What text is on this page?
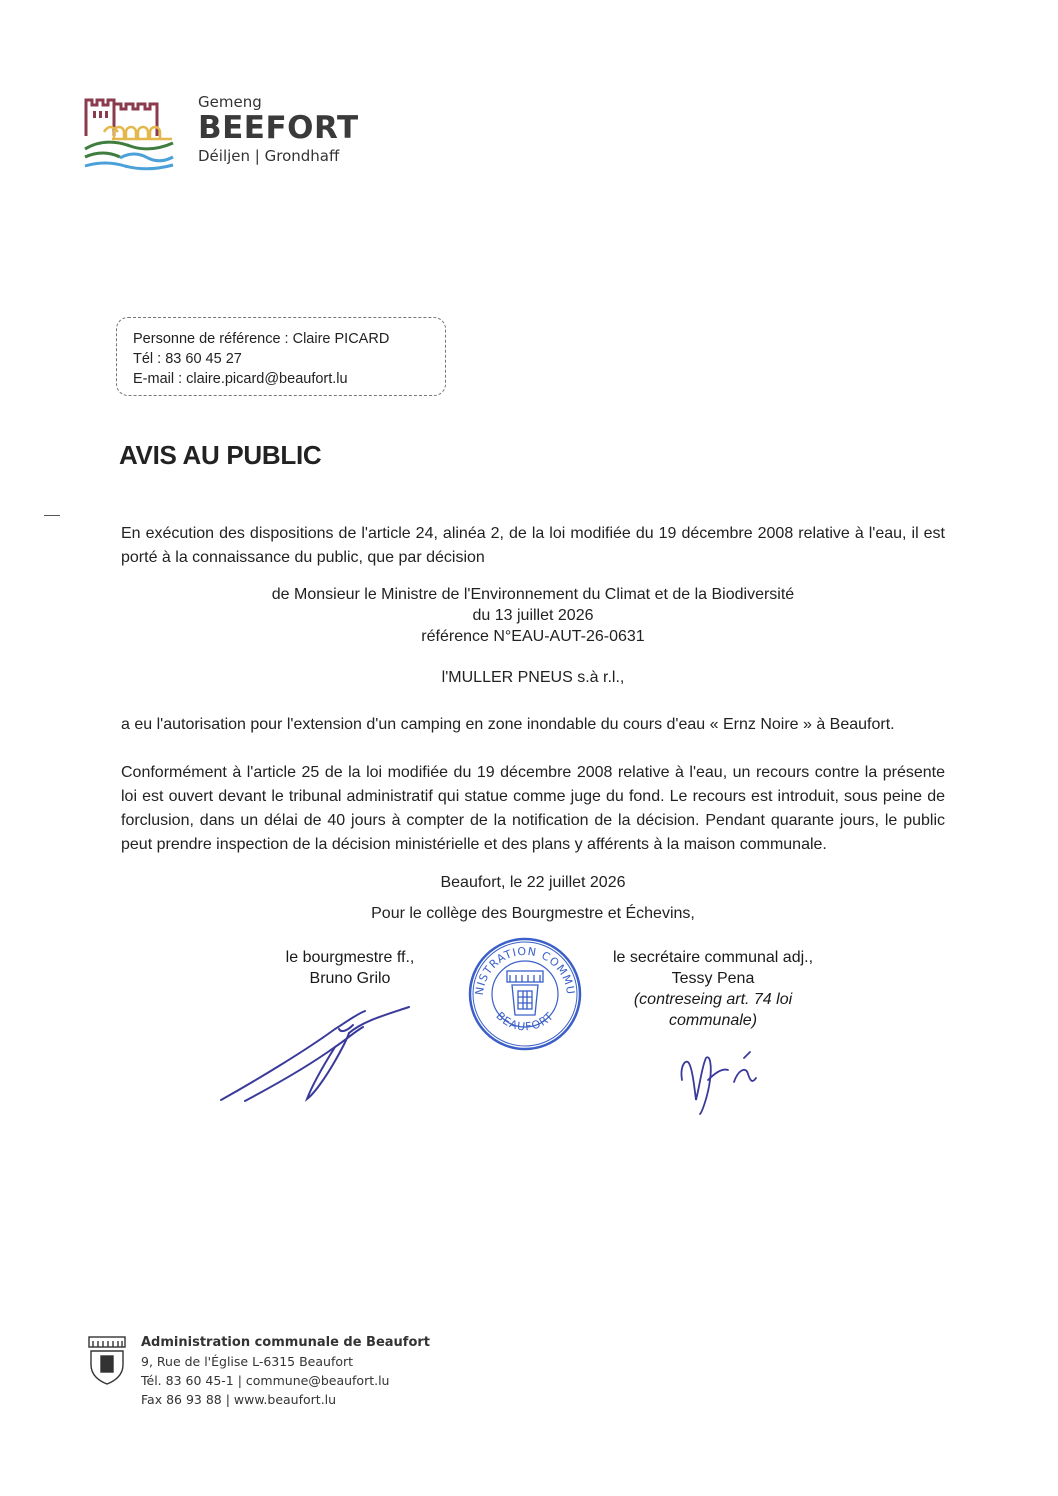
Gemeng
BEEFORT
Déiljen | Grondhaff
Personne de référence : Claire PICARD
Tél : 83 60 45 27
E-mail : claire.picard@beaufort.lu
AVIS AU PUBLIC
En exécution des dispositions de l'article 24, alinéa 2, de la loi modifiée du 19 décembre 2008 relative à l'eau, il est porté à la connaissance du public, que par décision
de Monsieur le Ministre de l'Environnement du Climat et de la Biodiversité
du 13 juillet 2026
référence N°EAU-AUT-26-0631
l'MULLER PNEUS s.à r.l.,
a eu l'autorisation pour l'extension d'un camping en zone inondable du cours d'eau « Ernz Noire » à Beaufort.
Conformément à l'article 25 de la loi modifiée du 19 décembre 2008 relative à l'eau, un recours contre la présente loi est ouvert devant le tribunal administratif qui statue comme juge du fond. Le recours est introduit, sous peine de forclusion, dans un délai de 40 jours à compter de la notification de la décision. Pendant quarante jours, le public peut prendre inspection de la décision ministérielle et des plans y afférents à la maison communale.
Beaufort, le 22 juillet 2026
Pour le collège des Bourgmestre et Échevins,
le bourgmestre ff.,
Bruno Grilo
le secrétaire communal adj.,
Tessy Pena
(contreseing art. 74 loi communale)
NISTRATION COMMU
BEAUFORT
Administration communale de Beaufort
9, Rue de l'Église L-6315 Beaufort
Tél. 83 60 45-1 | commune@beaufort.lu
Fax 86 93 88 | www.beaufort.lu
